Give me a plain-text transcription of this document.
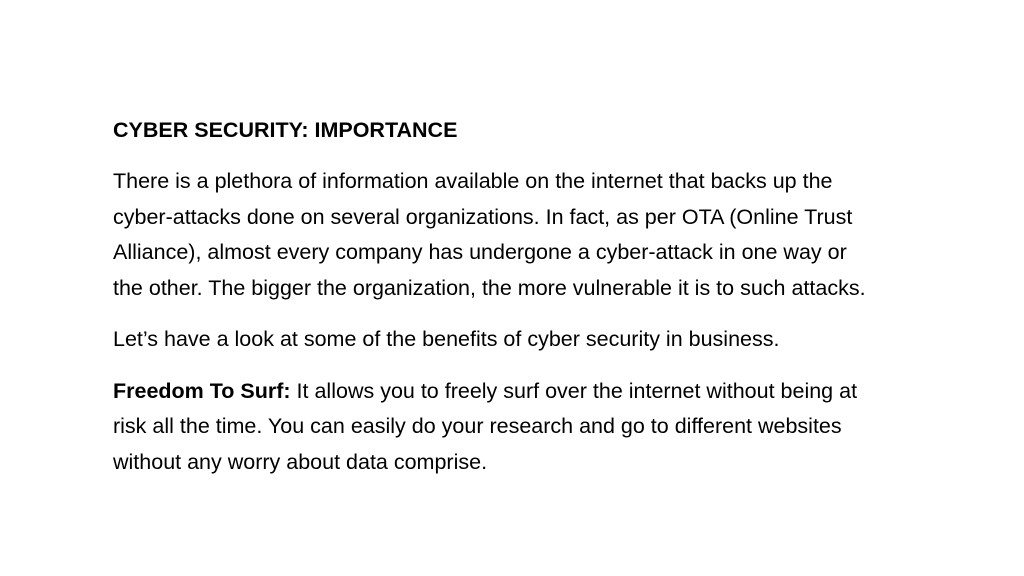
CYBER SECURITY: IMPORTANCE
There is a plethora of information available on the internet that backs up the
cyber-attacks done on several organizations. In fact, as per OTA (Online Trust
Alliance), almost every company has undergone a cyber-attack in one way or
the other. The bigger the organization, the more vulnerable it is to such attacks.
Let’s have a look at some of the benefits of cyber security in business.
Freedom To Surf: It allows you to freely surf over the internet without being at
risk all the time. You can easily do your research and go to different websites
without any worry about data comprise.
